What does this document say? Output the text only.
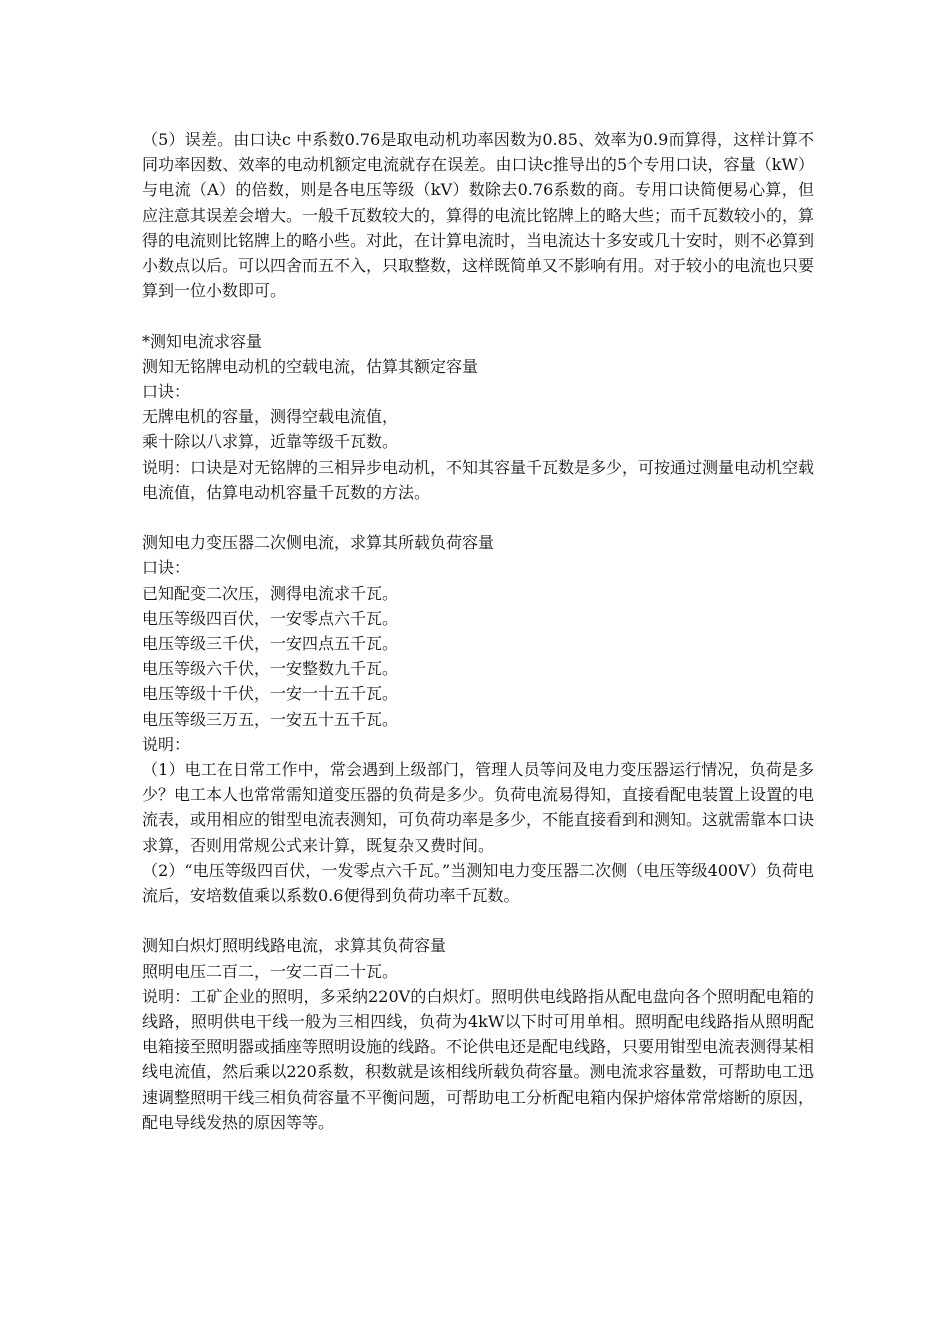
（5）误差。由口诀c 中系数0.76是取电动机功率因数为0.85、效率为0.9而算得，这样计算不同功率因数、效率的电动机额定电流就存在误差。由口诀c推导出的5个专用口诀，容量（kW）与电流（A）的倍数，则是各电压等级（kV）数除去0.76系数的商。专用口诀简便易心算，但应注意其误差会增大。一般千瓦数较大的，算得的电流比铭牌上的略大些；而千瓦数较小的，算得的电流则比铭牌上的略小些。对此，在计算电流时，当电流达十多安或几十安时，则不必算到小数点以后。可以四舍而五不入，只取整数，这样既简单又不影响有用。对于较小的电流也只要算到一位小数即可。

*测知电流求容量

测知无铭牌电动机的空载电流，估算其额定容量

口诀：

无牌电机的容量，测得空载电流值，

乘十除以八求算，近靠等级千瓦数。

说明：口诀是对无铭牌的三相异步电动机，不知其容量千瓦数是多少，可按通过测量电动机空载电流值，估算电动机容量千瓦数的方法。

测知电力变压器二次侧电流，求算其所载负荷容量

口诀：

已知配变二次压，测得电流求千瓦。

电压等级四百伏，一安零点六千瓦。

电压等级三千伏，一安四点五千瓦。

电压等级六千伏，一安整数九千瓦。

电压等级十千伏，一安一十五千瓦。

电压等级三万五，一安五十五千瓦。

说明：

（1）电工在日常工作中，常会遇到上级部门，管理人员等问及电力变压器运行情况，负荷是多少？电工本人也常常需知道变压器的负荷是多少。负荷电流易得知，直接看配电装置上设置的电流表，或用相应的钳型电流表测知，可负荷功率是多少，不能直接看到和测知。这就需靠本口诀求算，否则用常规公式来计算，既复杂又费时间。

（2）“电压等级四百伏，一发零点六千瓦。”当测知电力变压器二次侧（电压等级400V）负荷电流后，安培数值乘以系数0.6便得到负荷功率千瓦数。

测知白炽灯照明线路电流，求算其负荷容量

照明电压二百二，一安二百二十瓦。

说明：工矿企业的照明，多采纳220V的白炽灯。照明供电线路指从配电盘向各个照明配电箱的线路，照明供电干线一般为三相四线，负荷为4kW以下时可用单相。照明配电线路指从照明配电箱接至照明器或插座等照明设施的线路。不论供电还是配电线路，只要用钳型电流表测得某相线电流值，然后乘以220系数，积数就是该相线所载负荷容量。测电流求容量数，可帮助电工迅速调整照明干线三相负荷容量不平衡问题，可帮助电工分析配电箱内保护熔体常常熔断的原因，配电导线发热的原因等等。
